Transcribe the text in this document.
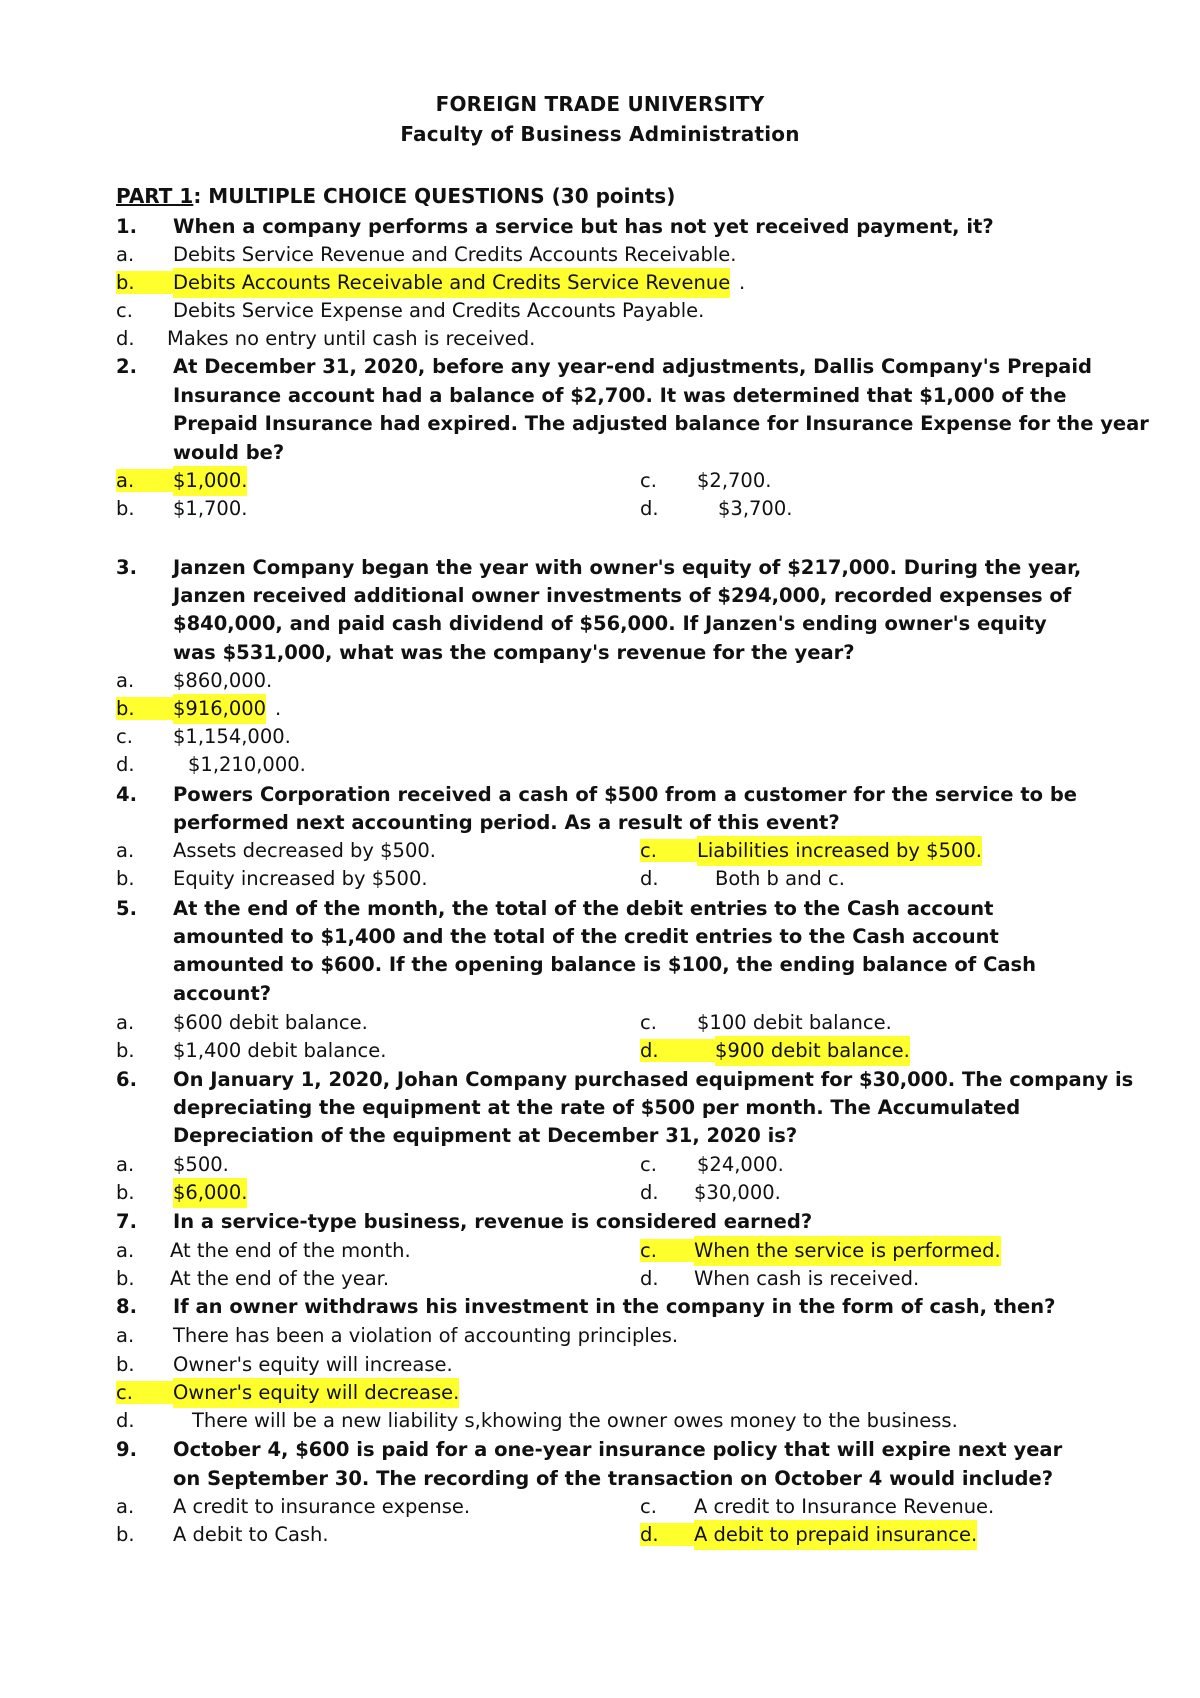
FOREIGN TRADE UNIVERSITY
Faculty of Business Administration
PART 1: MULTIPLE CHOICE QUESTIONS (30 points)
1. When a company performs a service but has not yet received payment, it?
a. Debits Service Revenue and Credits Accounts Receivable.
b. Debits Accounts Receivable and Credits Service Revenue .
c. Debits Service Expense and Credits Accounts Payable.
d. Makes no entry until cash is received.
2. At December 31, 2020, before any year-end adjustments, Dallis Company's Prepaid
Insurance account had a balance of $2,700. It was determined that $1,000 of the
Prepaid Insurance had expired. The adjusted balance for Insurance Expense for the year
would be?
a. $1,000.	c. $2,700.
b. $1,700.	d.	$3,700.
3. Janzen Company began the year with owner's equity of $217,000. During the year,
Janzen received additional owner investments of $294,000, recorded expenses of
$840,000, and paid cash dividend of $56,000. If Janzen's ending owner's equity
was $531,000, what was the company's revenue for the year?
a. $860,000.
b. $916,000 .
c. $1,154,000.
d.	$1,210,000.
4. Powers Corporation received a cash of $500 from a customer for the service to be
performed next accounting period. As a result of this event?
a. Assets decreased by $500.	c. Liabilities increased by $500.
b. Equity increased by $500.	d.	Both b and c.
5. At the end of the month, the total of the debit entries to the Cash account
amounted to $1,400 and the total of the credit entries to the Cash account
amounted to $600. If the opening balance is $100, the ending balance of Cash
account?
a. $600 debit balance.	c. $100 debit balance.
b. $1,400 debit balance.	d.	$900 debit balance.
6. On January 1, 2020, Johan Company purchased equipment for $30,000. The company is
depreciating the equipment at the rate of $500 per month. The Accumulated
Depreciation of the equipment at December 31, 2020 is?
a. $500.	c. $24,000.
b. $6,000.	d. $30,000.
7. In a service-type business, revenue is considered earned?
a. At the end of the month.	c. When the service is performed.
b. At the end of the year.	d. When cash is received.
8. If an owner withdraws his investment in the company in the form of cash, then?
a. There has been a violation of accounting principles.
b. Owner's equity will increase.
c. Owner's equity will decrease.
d.	There will be a new liability s,khowing the owner owes money to the business.
9. October 4, $600 is paid for a one-year insurance policy that will expire next year
on September 30. The recording of the transaction on October 4 would include?
a. A credit to insurance expense.	c. A credit to Insurance Revenue.
b. A debit to Cash.	d. A debit to prepaid insurance.
